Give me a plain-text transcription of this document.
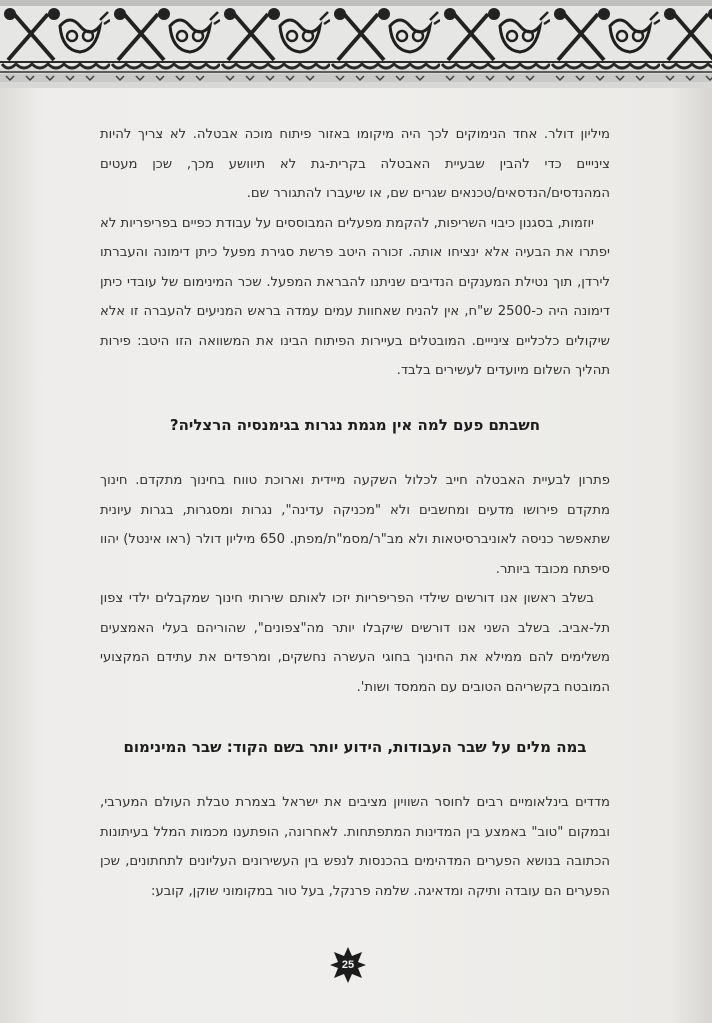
מיליון דולר. אחד הנימוקים לכך היה מיקומו באזור פיתוח מוכה אבטלה. לא צריך להיות צינייים כדי להבין שבעיית האבטלה בקרית-גת לא תיוושע מכך, שכן מעטים המהנדסים/הנדסאים/טכנאים שגרים שם, או שיעברו להתגורר שם.

יוזמות, בסגנון כיבוי השריפות, להקמת מפעלים המבוססים על עבודת כפיים בפריפריות לא יפתרו את הבעיה אלא ינציחו אותה. זכורה היטב פרשת סגירת מפעל כיתן דימונה והעברתו לירדן, תוך נטילת המענקים הנדיבים שניתנו להבראת המפעל. שכר המינימום של עובדי כיתן דימונה היה כ-2500 ש"ח, אין להניח שאחוות עמים עמדה בראש המניעים להעברה זו אלא שיקולים כלכליים צינייים. המובטלים בעיירות הפיתוח הבינו את המשוואה הזו היטב: פירות תהליך השלום מיועדים לעשירים בלבד.

חשבתם פעם למה אין מגמת נגרות בגימנסיה הרצליה?

פתרון לבעיית האבטלה חייב לכלול השקעה מיידית וארוכת טווח בחינוך מתקדם. חינוך מתקדם פירושו מדעים ומחשבים ולא "מכניקה עדינה", נגרות ומסגרות, בגרות עיונית שתאפשר כניסה לאוניברסיטאות ולא מב"ר/מסמ"ת/מפתן. 650 מיליון דולר (ראו אינטל) יהוו סיפתח מכובד ביותר.

בשלב ראשון אנו דורשים שילדי הפריפריות יזכו לאותם שירותי חינוך שמקבלים ילדי צפון תל-אביב. בשלב השני אנו דורשים שיקבלו יותר מה"צפונים", שהוריהם בעלי האמצעים משלימים להם ממילא את החינוך בחוגי העשרה נחשקים, ומרפדים את עתידם המקצועי המובטח בקשריהם הטובים עם הממסד ושות'.

במה מלים על שבר העבודות, הידוע יותר בשם הקוד: שבר המינימום

מדדים בינלאומיים רבים לחוסר השוויון מציבים את ישראל בצמרת טבלת העולם המערבי, ובמקום "טוב" באמצע בין המדינות המתפתחות. לאחרונה, הופתענו מכמות המלל בעיתונות הכתובה בנושא הפערים המדהימים בהכנסות לנפש בין העשירונים העליונים לתחתונים, שכן הפערים הם עובדה ותיקה ומדאיגה. שלמה פרנקל, בעל טור במקומוני שוקן, קובע:

25
